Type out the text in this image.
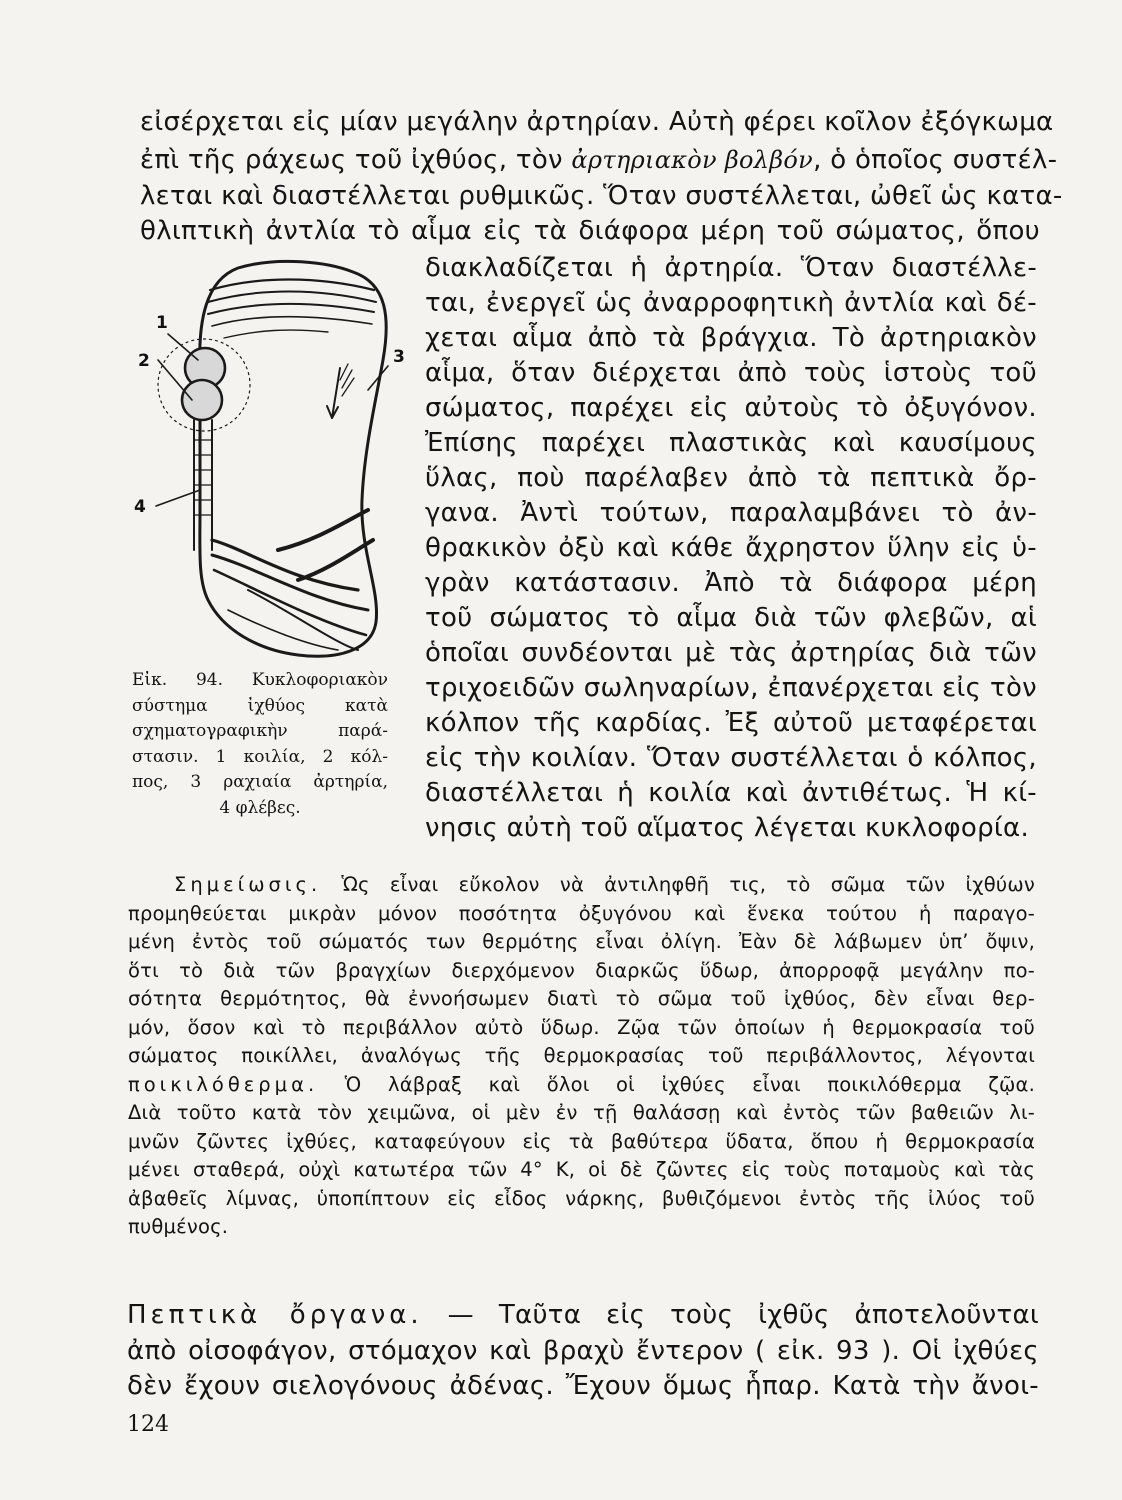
εἰσέρχεται εἰς μίαν μεγάλην ἀρτηρίαν. Αὐτὴ φέρει κοῖλον ἐξόγκωμα

ἐπὶ τῆς ράχεως τοῦ ἰχθύος, τὸν ἀρτηριακὸν βολβόν, ὁ ὁποῖος συστέλ-

λεται καὶ διαστέλλεται ρυθμικῶς. Ὅταν συστέλλεται, ὠθεῖ ὡς κατα-

θλιπτικὴ ἀντλία τὸ αἷμα εἰς τὰ διάφορα μέρη τοῦ σώματος, ὅπου

διακλαδίζεται ἡ ἀρτηρία. Ὅταν διαστέλλε-

ται, ἐνεργεῖ ὡς ἀναρροφητικὴ ἀντλία καὶ δέ-

χεται αἷμα ἀπὸ τὰ βράγχια. Τὸ ἀρτηριακὸν

αἷμα, ὅταν διέρχεται ἀπὸ τοὺς ἱστοὺς τοῦ

σώματος, παρέχει εἰς αὐτοὺς τὸ ὀξυγόνον.

Ἐπίσης παρέχει πλαστικὰς καὶ καυσίμους

ὕλας, ποὺ παρέλαβεν ἀπὸ τὰ πεπτικὰ ὄρ-

γανα. Ἀντὶ τούτων, παραλαμβάνει τὸ ἀν-

θρακικὸν ὀξὺ καὶ κάθε ἄχρηστον ὕλην εἰς ὑ-

γρὰν κατάστασιν. Ἀπὸ τὰ διάφορα μέρη

τοῦ σώματος τὸ αἷμα διὰ τῶν φλεβῶν, αἱ

ὁποῖαι συνδέονται μὲ τὰς ἀρτηρίας διὰ τῶν

τριχοειδῶν σωληναρίων, ἐπανέρχεται εἰς τὸν

κόλπον τῆς καρδίας. Ἐξ αὐτοῦ μεταφέρεται

εἰς τὴν κοιλίαν. Ὅταν συστέλλεται ὁ κόλπος,

διαστέλλεται ἡ κοιλία καὶ ἀντιθέτως. Ἡ κί-

νησις αὐτὴ τοῦ αἵματος λέγεται κυκλοφορία.

1
2	3
4
Εἰκ. 94. Κυκλοφοριακὸν
σύστημα ἰχθύος κατὰ
σχηματογραφικὴν παρά-
στασιν. 1 κοιλία, 2 κόλ-
πος, 3 ραχιαία ἀρτηρία,
4 φλέβες.
Σημείωσις. Ὡς εἶναι εὔκολον νὰ ἀντιληφθῆ τις, τὸ σῶμα τῶν ἰχθύων
προμηθεύεται μικρὰν μόνον ποσότητα ὀξυγόνου καὶ ἕνεκα τούτου ἡ παραγο-
μένη ἐντὸς τοῦ σώματός των θερμότης εἶναι ὀλίγη. Ἐὰν δὲ λάβωμεν ὑπ’ ὄψιν,
ὅτι τὸ διὰ τῶν βραγχίων διερχόμενον διαρκῶς ὕδωρ, ἀπορροφᾷ μεγάλην πο-
σότητα θερμότητος, θὰ ἐννοήσωμεν διατὶ τὸ σῶμα τοῦ ἰχθύος, δὲν εἶναι θερ-
μόν, ὅσον καὶ τὸ περιβάλλον αὐτὸ ὕδωρ. Ζῷα τῶν ὁποίων ἡ θερμοκρασία τοῦ
σώματος ποικίλλει, ἀναλόγως τῆς θερμοκρασίας τοῦ περιβάλλοντος, λέγονται
ποικιλόθερμα. Ὁ λάβραξ καὶ ὅλοι οἱ ἰχθύες εἶναι ποικιλόθερμα ζῷα.
Διὰ τοῦτο κατὰ τὸν χειμῶνα, οἱ μὲν ἐν τῇ θαλάσσῃ καὶ ἐντὸς τῶν βαθειῶν λι-
μνῶν ζῶντες ἰχθύες, καταφεύγουν εἰς τὰ βαθύτερα ὕδατα, ὅπου ἡ θερμοκρασία
μένει σταθερά, οὐχὶ κατωτέρα τῶν 4° K, οἱ δὲ ζῶντες εἰς τοὺς ποταμοὺς καὶ τὰς
ἀβαθεῖς λίμνας, ὑποπίπτουν εἰς εἶδος νάρκης, βυθιζόμενοι ἐντὸς τῆς ἰλύος τοῦ
πυθμένος.

Πεπτικὰ ὄργανα. — Ταῦτα εἰς τοὺς ἰχθῦς ἀποτελοῦνται

ἀπὸ οἰσοφάγον, στόμαχον καὶ βραχὺ ἔντερον ( εἰκ. 93 ). Οἱ ἰχθύες

δὲν ἔχουν σιελογόνους ἀδένας. Ἔχουν ὅμως ἧπαρ. Κατὰ τὴν ἄνοι-

124
